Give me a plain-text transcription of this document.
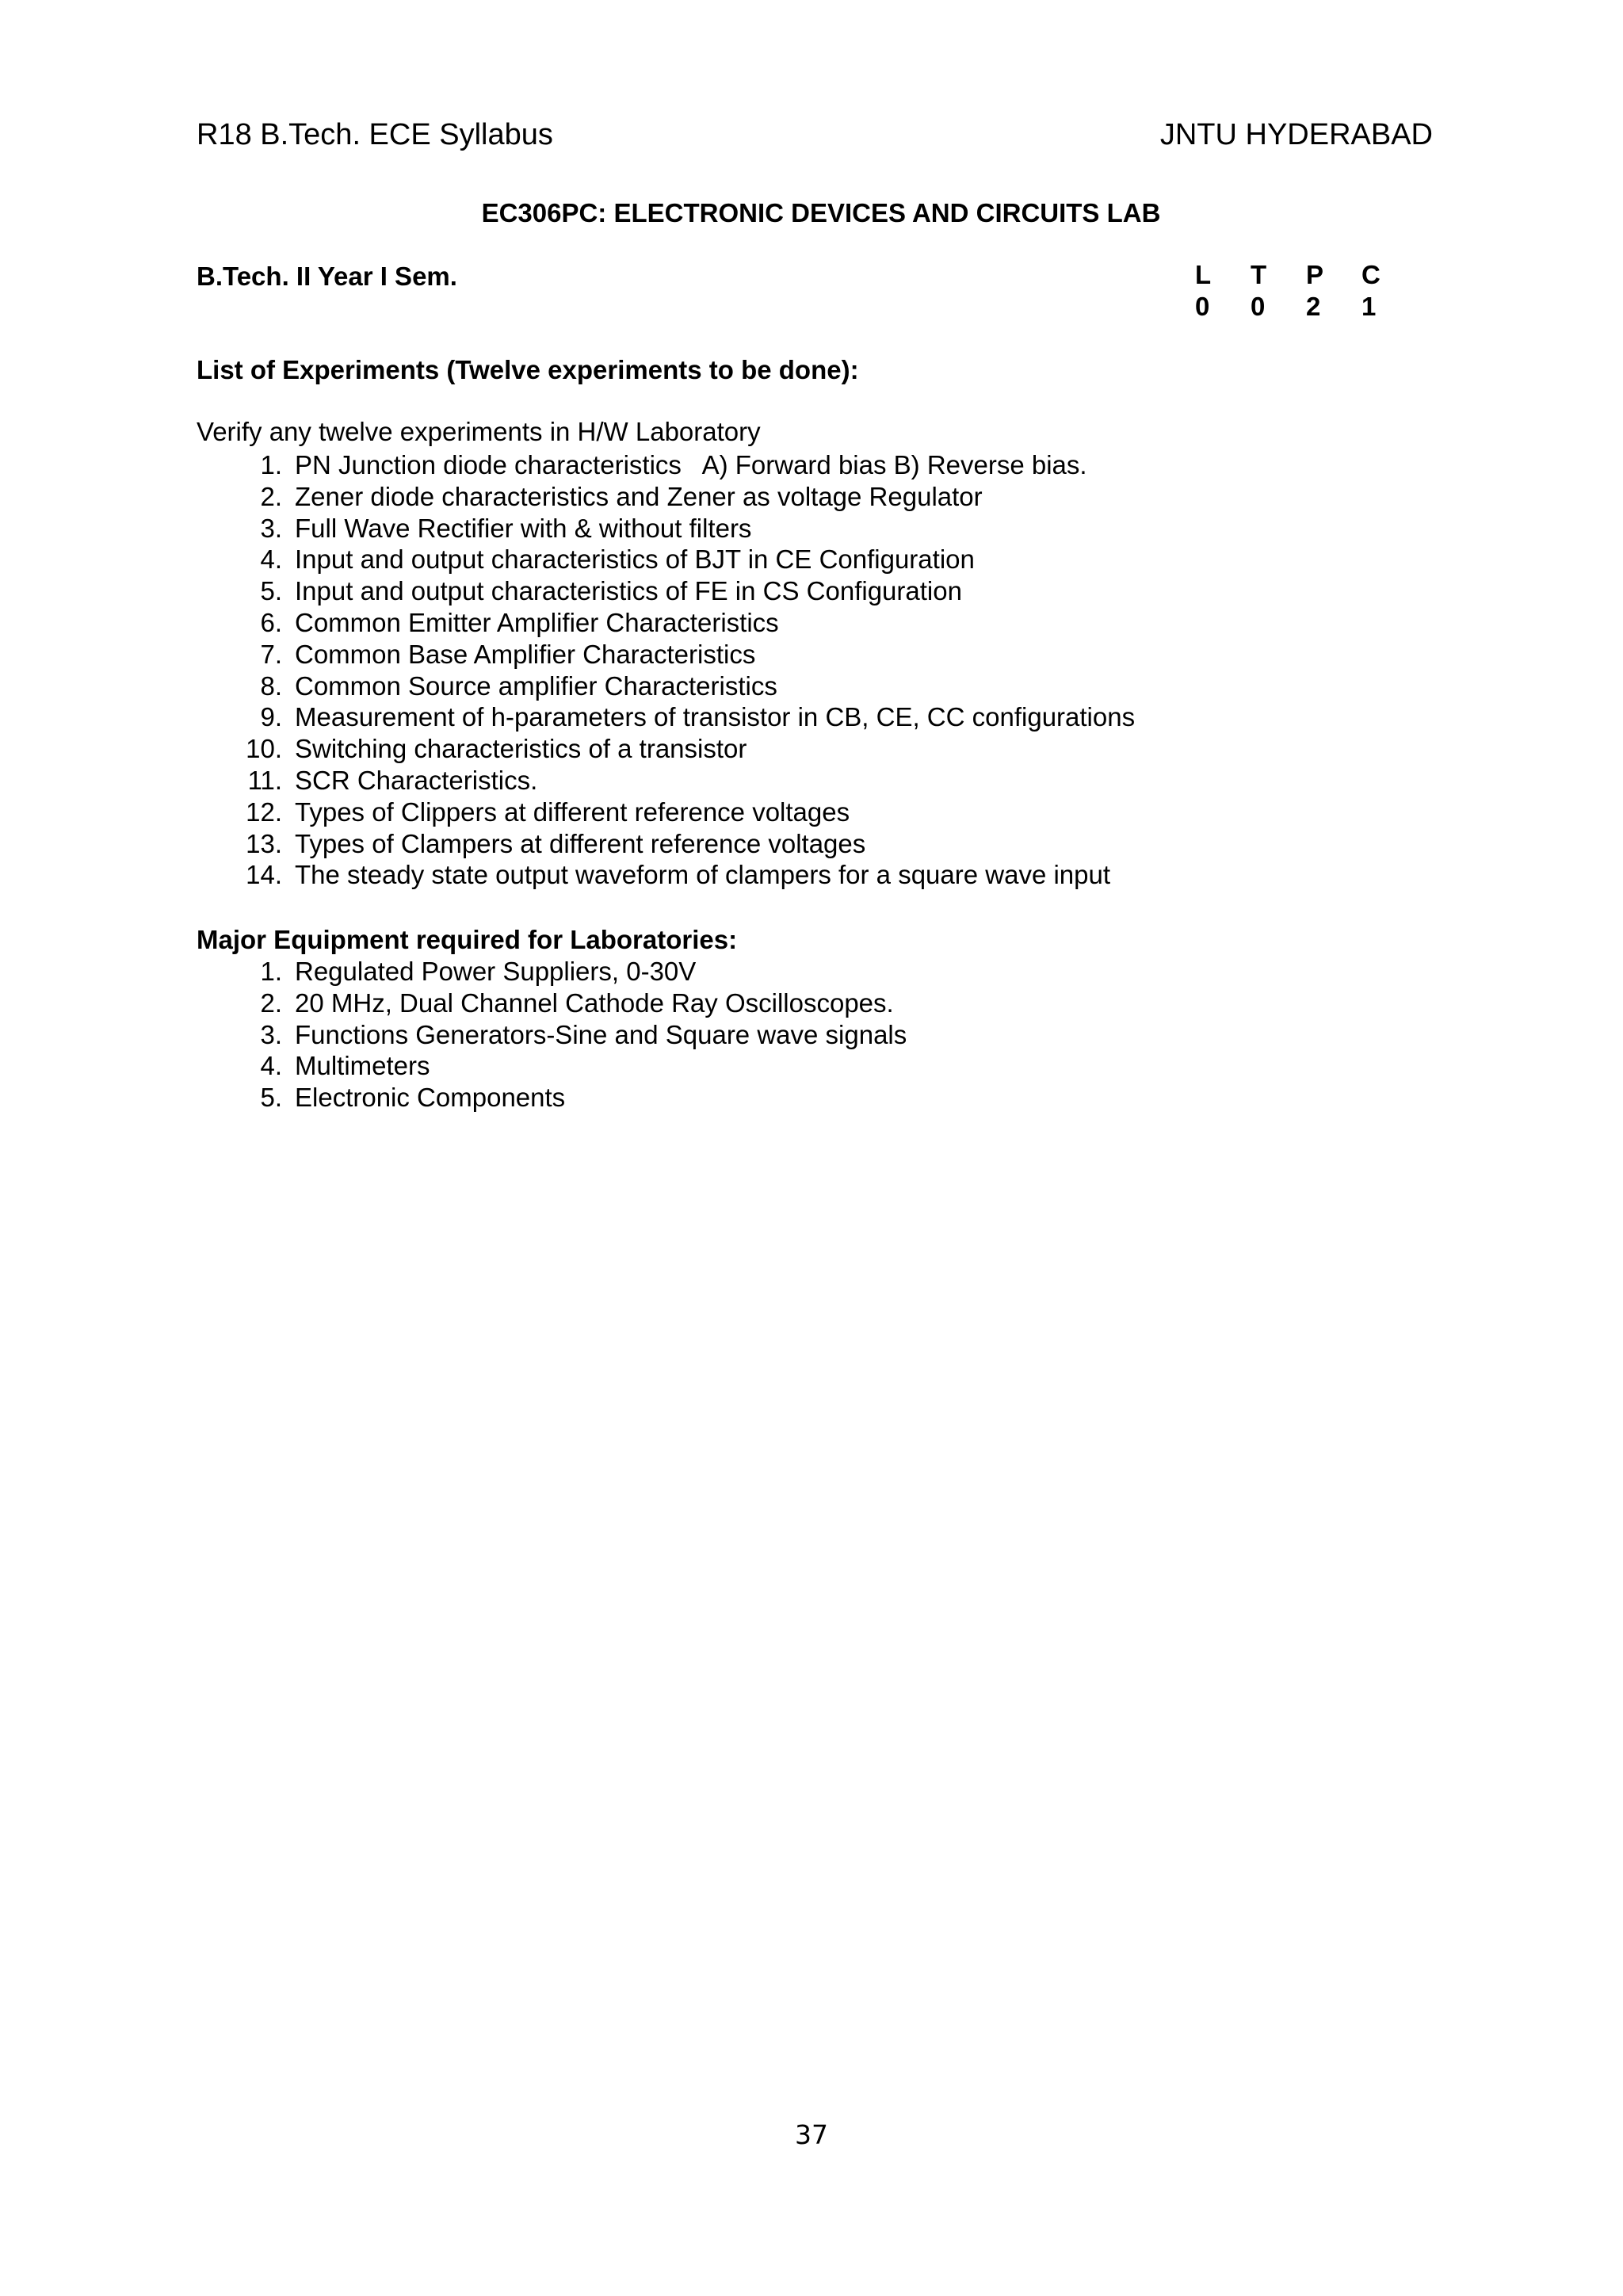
R18 B.Tech. ECE Syllabus	JNTU HYDERABAD
EC306PC: ELECTRONIC DEVICES AND CIRCUITS LAB
B.Tech. II Year I Sem.	L	T	P	C
0	0	2	1
List of Experiments (Twelve experiments to be done):
Verify any twelve experiments in H/W Laboratory
1. PN Junction diode characteristics   A) Forward bias B) Reverse bias.
2. Zener diode characteristics and Zener as voltage Regulator
3. Full Wave Rectifier with & without filters
4. Input and output characteristics of BJT in CE Configuration
5. Input and output characteristics of FE in CS Configuration
6. Common Emitter Amplifier Characteristics
7. Common Base Amplifier Characteristics
8. Common Source amplifier Characteristics
9. Measurement of h-parameters of transistor in CB, CE, CC configurations
10. Switching characteristics of a transistor
11. SCR Characteristics.
12. Types of Clippers at different reference voltages
13. Types of Clampers at different reference voltages
14. The steady state output waveform of clampers for a square wave input
Major Equipment required for Laboratories:
1. Regulated Power Suppliers, 0-30V
2. 20 MHz, Dual Channel Cathode Ray Oscilloscopes.
3. Functions Generators-Sine and Square wave signals
4. Multimeters
5. Electronic Components
37
